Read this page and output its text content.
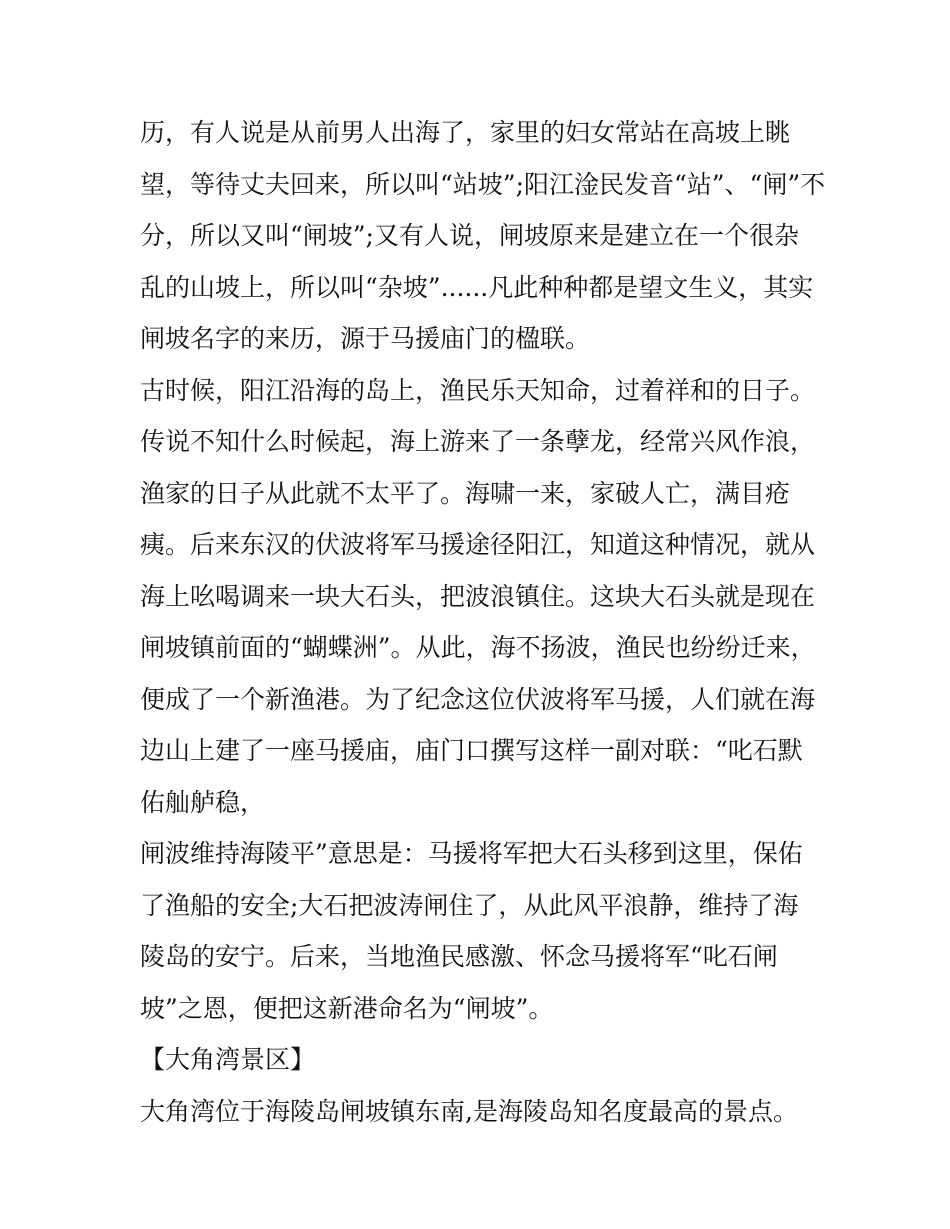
历，有人说是从前男人出海了，家里的妇女常站在高坡上眺
望，等待丈夫回来，所以叫“站坡”;阳江淦民发音“站”、“闸”不
分，所以又叫“闸坡”;又有人说，闸坡原来是建立在一个很杂
乱的山坡上，所以叫“杂坡”......凡此种种都是望文生义，其实
闸坡名字的来历，源于马援庙门的楹联。
古时候，阳江沿海的岛上，渔民乐天知命，过着祥和的日子。
传说不知什么时候起，海上游来了一条孽龙，经常兴风作浪，
渔家的日子从此就不太平了。海啸一来，家破人亡，满目疮
痍。后来东汉的伏波将军马援途径阳江，知道这种情况，就从
海上吆喝调来一块大石头，把波浪镇住。这块大石头就是现在
闸坡镇前面的“蝴蝶洲”。从此，海不扬波，渔民也纷纷迁来，
便成了一个新渔港。为了纪念这位伏波将军马援，人们就在海
边山上建了一座马援庙，庙门口撰写这样一副对联：“叱石默
佑舢舻稳，
闸波维持海陵平”意思是：马援将军把大石头移到这里，保佑
了渔船的安全;大石把波涛闸住了，从此风平浪静，维持了海
陵岛的安宁。后来，当地渔民感激、怀念马援将军“叱石闸
坡”之恩，便把这新港命名为“闸坡”。
【大角湾景区】
大角湾位于海陵岛闸坡镇东南,是海陵岛知名度最高的景点。
